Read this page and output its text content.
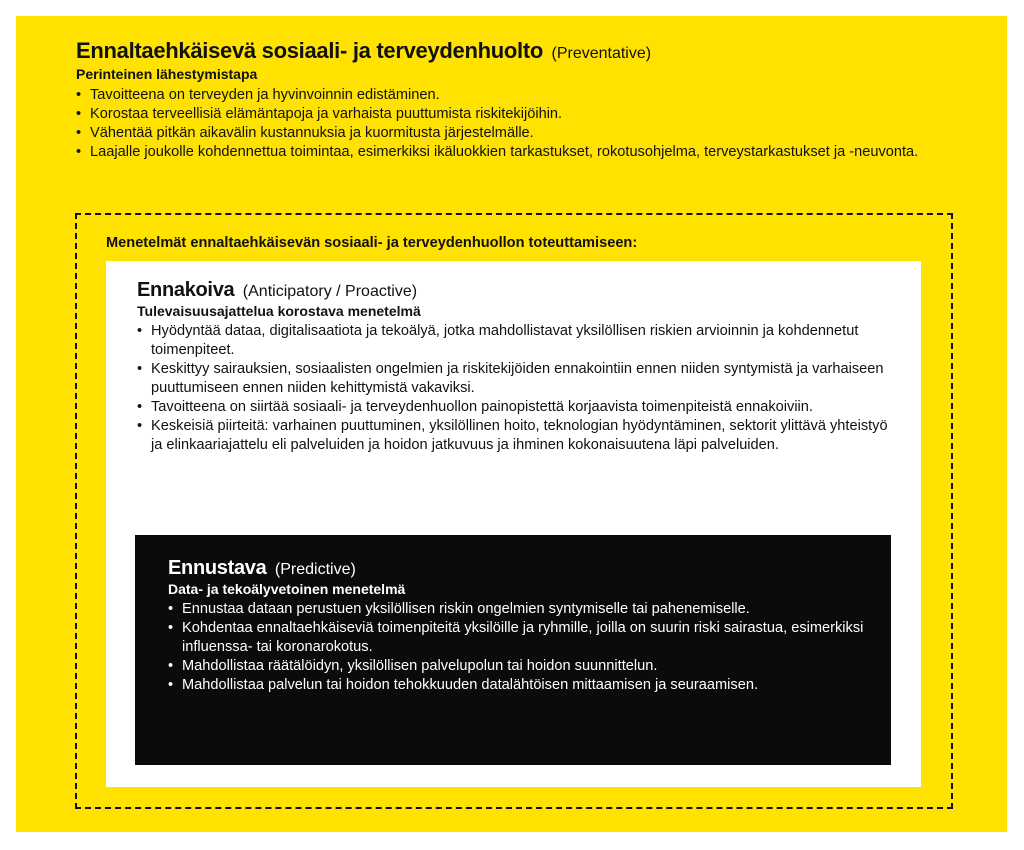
Ennaltaehkäisevä sosiaali- ja terveydenhuolto (Preventative)
Perinteinen lähestymistapa
• Tavoitteena on terveyden ja hyvinvoinnin edistäminen.
• Korostaa terveellisiä elämäntapoja ja varhaista puuttumista riskitekijöihin.
• Vähentää pitkän aikavälin kustannuksia ja kuormitusta järjestelmälle.
• Laajalle joukolle kohdennettua toimintaa, esimerkiksi ikäluokkien tarkastukset, rokotusohjelma, terveystarkastukset ja -neuvonta.
Menetelmät ennaltaehkäisevän sosiaali- ja terveydenhuollon toteuttamiseen:
Ennakoiva (Anticipatory / Proactive)
Tulevaisuusajattelua korostava menetelmä
• Hyödyntää dataa, digitalisaatiota ja tekoälyä, jotka mahdollistavat yksilöllisen riskien arvioinnin ja kohdennetut toimenpiteet.
• Keskittyy sairauksien, sosiaalisten ongelmien ja riskitekijöiden ennakointiin ennen niiden syntymistä ja varhaiseen puuttumiseen ennen niiden kehittymistä vakaviksi.
• Tavoitteena on siirtää sosiaali- ja terveydenhuollon painopistettä korjaavista toimenpiteistä ennakoiviin.
• Keskeisiä piirteitä: varhainen puuttuminen, yksilöllinen hoito, teknologian hyödyntäminen, sektorit ylittävä yhteistyö ja elinkaariajattelu eli palveluiden ja hoidon jatkuvuus ja ihminen kokonaisuutena läpi palveluiden.
Ennustava (Predictive)
Data- ja tekoälyvetoinen menetelmä
• Ennustaa dataan perustuen yksilöllisen riskin ongelmien syntymiselle tai pahenemiselle.
• Kohdentaa ennaltaehkäiseviä toimenpiteitä yksilöille ja ryhmille, joilla on suurin riski sairastua, esimerkiksi influenssa- tai koronarokotus.
• Mahdollistaa räätälöidyn, yksilöllisen palvelupolun tai hoidon suunnittelun.
• Mahdollistaa palvelun tai hoidon tehokkuuden datalähtöisen mittaamisen ja seuraamisen.
